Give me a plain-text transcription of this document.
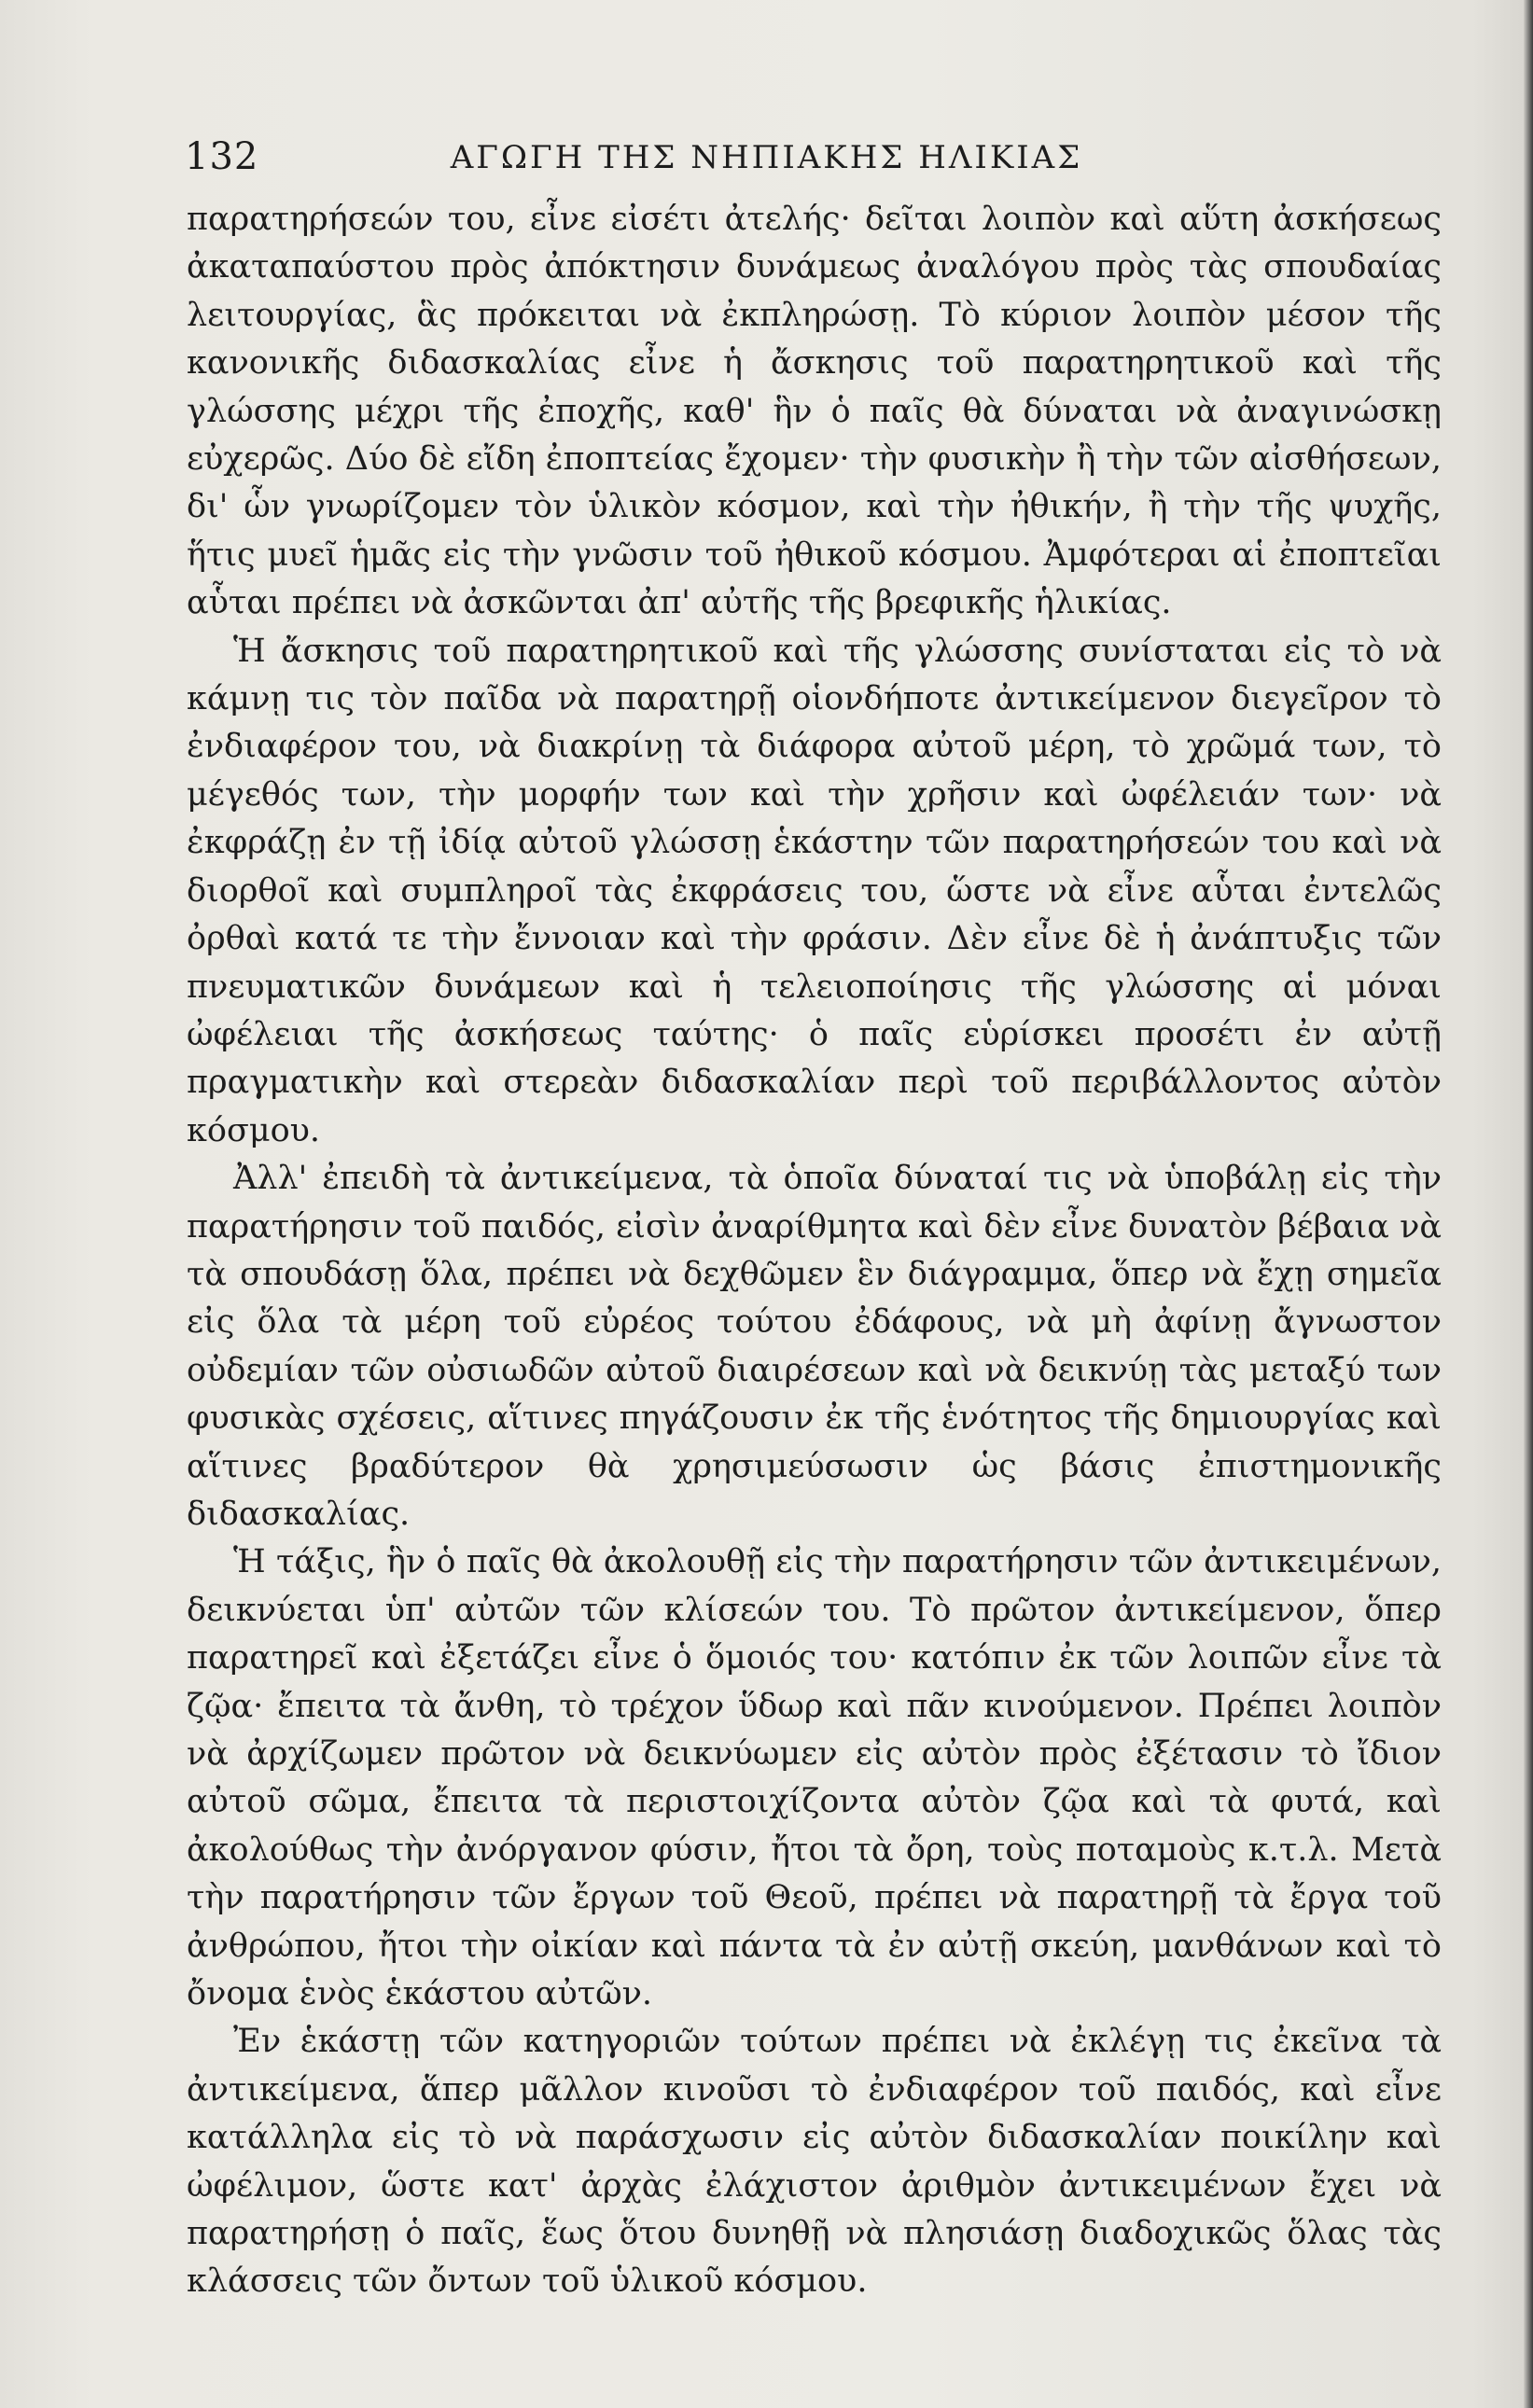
132	ΑΓΩΓΗ ΤΗΣ ΝΗΠΙΑΚΗΣ ΗΛΙΚΙΑΣ

παρατηρήσεών του, εἶνε εἰσέτι ἀτελής· δεῖται λοιπὸν καὶ αὕτη ἀσκήσεως ἀκαταπαύστου πρὸς ἀπόκτησιν δυνάμεως ἀναλόγου πρὸς τὰς σπουδαίας λειτουργίας, ἃς πρόκειται νὰ ἐκπληρώσῃ. Τὸ κύριον λοιπὸν μέσον τῆς κανονικῆς διδασκαλίας εἶνε ἡ ἄσκησις τοῦ παρατηρητικοῦ καὶ τῆς γλώσσης μέχρι τῆς ἐποχῆς, καθ' ἣν ὁ παῖς θὰ δύναται νὰ ἀναγινώσκῃ εὐχερῶς. Δύο δὲ εἴδη ἐποπτείας ἔχομεν· τὴν φυσικὴν ἢ τὴν τῶν αἰσθήσεων, δι' ὧν γνωρίζομεν τὸν ὑλικὸν κόσμον, καὶ τὴν ἠθικήν, ἢ τὴν τῆς ψυχῆς, ἥτις μυεῖ ἡμᾶς εἰς τὴν γνῶσιν τοῦ ἠθικοῦ κόσμου. Ἀμφότεραι αἱ ἐποπτεῖαι αὗται πρέπει νὰ ἀσκῶνται ἀπ' αὐτῆς τῆς βρεφικῆς ἡλικίας.

Ἡ ἄσκησις τοῦ παρατηρητικοῦ καὶ τῆς γλώσσης συνίσταται εἰς τὸ νὰ κάμνῃ τις τὸν παῖδα νὰ παρατηρῇ οἱονδήποτε ἀντικείμενον διεγεῖρον τὸ ἐνδιαφέρον του, νὰ διακρίνῃ τὰ διάφορα αὐτοῦ μέρη, τὸ χρῶμά των, τὸ μέγεθός των, τὴν μορφήν των καὶ τὴν χρῆσιν καὶ ὠφέλειάν των· νὰ ἐκφράζῃ ἐν τῇ ἰδίᾳ αὐτοῦ γλώσσῃ ἑκάστην τῶν παρατηρήσεών του καὶ νὰ διορθοῖ καὶ συμπληροῖ τὰς ἐκφράσεις του, ὥστε νὰ εἶνε αὗται ἐντελῶς ὀρθαὶ κατά τε τὴν ἔννοιαν καὶ τὴν φράσιν. Δὲν εἶνε δὲ ἡ ἀνάπτυξις τῶν πνευματικῶν δυνάμεων καὶ ἡ τελειοποίησις τῆς γλώσσης αἱ μόναι ὠφέλειαι τῆς ἀσκήσεως ταύτης· ὁ παῖς εὑρίσκει προσέτι ἐν αὐτῇ πραγματικὴν καὶ στερεὰν διδασκαλίαν περὶ τοῦ περιβάλλοντος αὐτὸν κόσμου.

Ἀλλ' ἐπειδὴ τὰ ἀντικείμενα, τὰ ὁποῖα δύναταί τις νὰ ὑποβάλῃ εἰς τὴν παρατήρησιν τοῦ παιδός, εἰσὶν ἀναρίθμητα καὶ δὲν εἶνε δυνατὸν βέβαια νὰ τὰ σπουδάσῃ ὅλα, πρέπει νὰ δεχθῶμεν ἓν διάγραμμα, ὅπερ νὰ ἔχῃ σημεῖα εἰς ὅλα τὰ μέρη τοῦ εὐρέος τούτου ἐδάφους, νὰ μὴ ἀφίνῃ ἄγνωστον οὐδεμίαν τῶν οὐσιωδῶν αὐτοῦ διαιρέσεων καὶ νὰ δεικνύῃ τὰς μεταξύ των φυσικὰς σχέσεις, αἵτινες πηγάζουσιν ἐκ τῆς ἑνότητος τῆς δημιουργίας καὶ αἵτινες βραδύτερον θὰ χρησιμεύσωσιν ὡς βάσις ἐπιστημονικῆς διδασκαλίας.

Ἡ τάξις, ἣν ὁ παῖς θὰ ἀκολουθῇ εἰς τὴν παρατήρησιν τῶν ἀντικειμένων, δεικνύεται ὑπ' αὐτῶν τῶν κλίσεών του. Τὸ πρῶτον ἀντικείμενον, ὅπερ παρατηρεῖ καὶ ἐξετάζει εἶνε ὁ ὅμοιός του· κατόπιν ἐκ τῶν λοιπῶν εἶνε τὰ ζῷα· ἔπειτα τὰ ἄνθη, τὸ τρέχον ὕδωρ καὶ πᾶν κινούμενον. Πρέπει λοιπὸν νὰ ἀρχίζωμεν πρῶτον νὰ δεικνύωμεν εἰς αὐτὸν πρὸς ἐξέτασιν τὸ ἴδιον αὐτοῦ σῶμα, ἔπειτα τὰ περιστοιχίζοντα αὐτὸν ζῷα καὶ τὰ φυτά, καὶ ἀκολούθως τὴν ἀνόργανον φύσιν, ἤτοι τὰ ὄρη, τοὺς ποταμοὺς κ.τ.λ. Μετὰ τὴν παρατήρησιν τῶν ἔργων τοῦ Θεοῦ, πρέπει νὰ παρατηρῇ τὰ ἔργα τοῦ ἀνθρώπου, ἤτοι τὴν οἰκίαν καὶ πάντα τὰ ἐν αὐτῇ σκεύη, μανθάνων καὶ τὸ ὄνομα ἑνὸς ἑκάστου αὐτῶν.

Ἐν ἑκάστῃ τῶν κατηγοριῶν τούτων πρέπει νὰ ἐκλέγῃ τις ἐκεῖνα τὰ ἀντικείμενα, ἅπερ μᾶλλον κινοῦσι τὸ ἐνδιαφέρον τοῦ παιδός, καὶ εἶνε κατάλληλα εἰς τὸ νὰ παράσχωσιν εἰς αὐτὸν διδασκαλίαν ποικίλην καὶ ὠφέλιμον, ὥστε κατ' ἀρχὰς ἐλάχιστον ἀριθμὸν ἀντικειμένων ἔχει νὰ παρατηρήσῃ ὁ παῖς, ἕως ὅτου δυνηθῇ νὰ πλησιάσῃ διαδοχικῶς ὅλας τὰς κλάσσεις τῶν ὄντων τοῦ ὑλικοῦ κόσμου.
